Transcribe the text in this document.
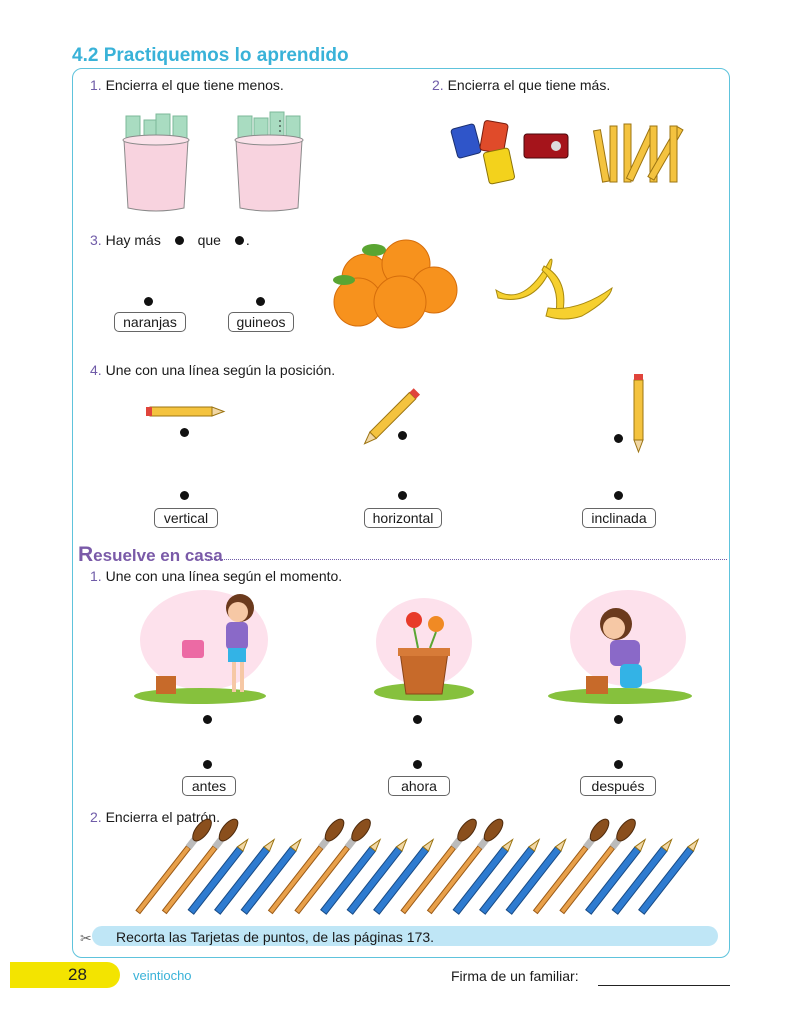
4.2 Practiquemos lo aprendido
1. Encierra el que tiene menos.	2. Encierra el que tiene más.
3. Hay más	que .
naranjas	guineos
4. Une con una línea según la posición.
vertical	horizontal	inclinada
Resuelve en casa
1. Une con una línea según el momento.
antes	ahora	después
2. Encierra el patrón.
✂ Recorta las Tarjetas de puntos, de las páginas 173.
28	veintiocho	Firma de un familiar:
